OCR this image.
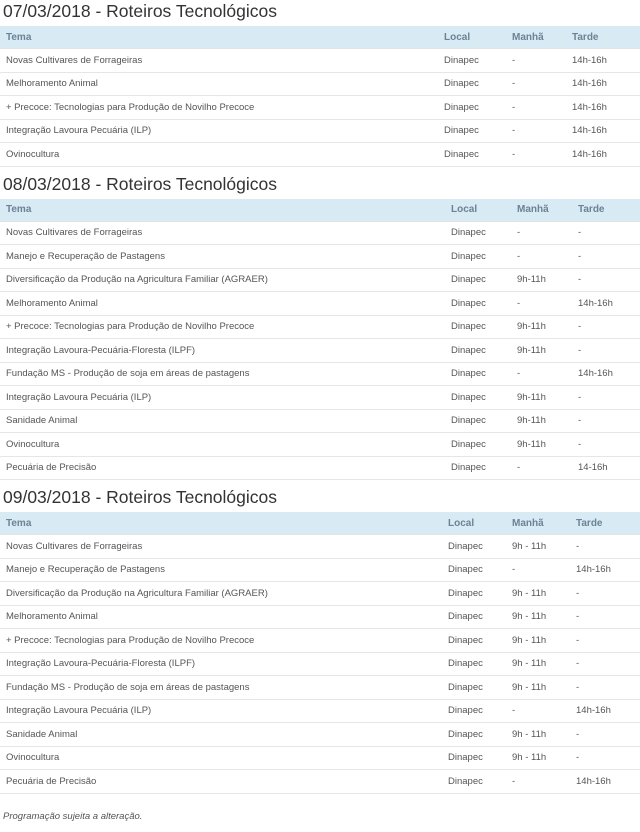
07/03/2018 - Roteiros Tecnológicos
Tema	Local	Manhã	Tarde
Novas Cultivares de Forrageiras	Dinapec	-	14h-16h
Melhoramento Animal	Dinapec	-	14h-16h
+ Precoce: Tecnologias para Produção de Novilho Precoce	Dinapec	-	14h-16h
Integração Lavoura Pecuária (ILP)	Dinapec	-	14h-16h
Ovinocultura	Dinapec	-	14h-16h
08/03/2018 - Roteiros Tecnológicos
Tema	Local	Manhã	Tarde
Novas Cultivares de Forrageiras	Dinapec	-	-
Manejo e Recuperação de Pastagens	Dinapec	-	-
Diversificação da Produção na Agricultura Familiar (AGRAER)	Dinapec	9h-11h	-
Melhoramento Animal	Dinapec	-	14h-16h
+ Precoce: Tecnologias para Produção de Novilho Precoce	Dinapec	9h-11h	-
Integração Lavoura-Pecuária-Floresta (ILPF)	Dinapec	9h-11h	-
Fundação MS - Produção de soja em áreas de pastagens	Dinapec	-	14h-16h
Integração Lavoura Pecuária (ILP)	Dinapec	9h-11h	-
Sanidade Animal	Dinapec	9h-11h	-
Ovinocultura	Dinapec	9h-11h	-
Pecuária de Precisão	Dinapec	-	14-16h
09/03/2018 - Roteiros Tecnológicos
Tema	Local	Manhã	Tarde
Novas Cultivares de Forrageiras	Dinapec	9h - 11h	-
Manejo e Recuperação de Pastagens	Dinapec	-	14h-16h
Diversificação da Produção na Agricultura Familiar (AGRAER)	Dinapec	9h - 11h	-
Melhoramento Animal	Dinapec	9h - 11h	-
+ Precoce: Tecnologias para Produção de Novilho Precoce	Dinapec	9h - 11h	-
Integração Lavoura-Pecuária-Floresta (ILPF)	Dinapec	9h - 11h	-
Fundação MS - Produção de soja em áreas de pastagens	Dinapec	9h - 11h	-
Integração Lavoura Pecuária (ILP)	Dinapec	-	14h-16h
Sanidade Animal	Dinapec	9h - 11h	-
Ovinocultura	Dinapec	9h - 11h	-
Pecuária de Precisão	Dinapec	-	14h-16h
Programação sujeita a alteração.
